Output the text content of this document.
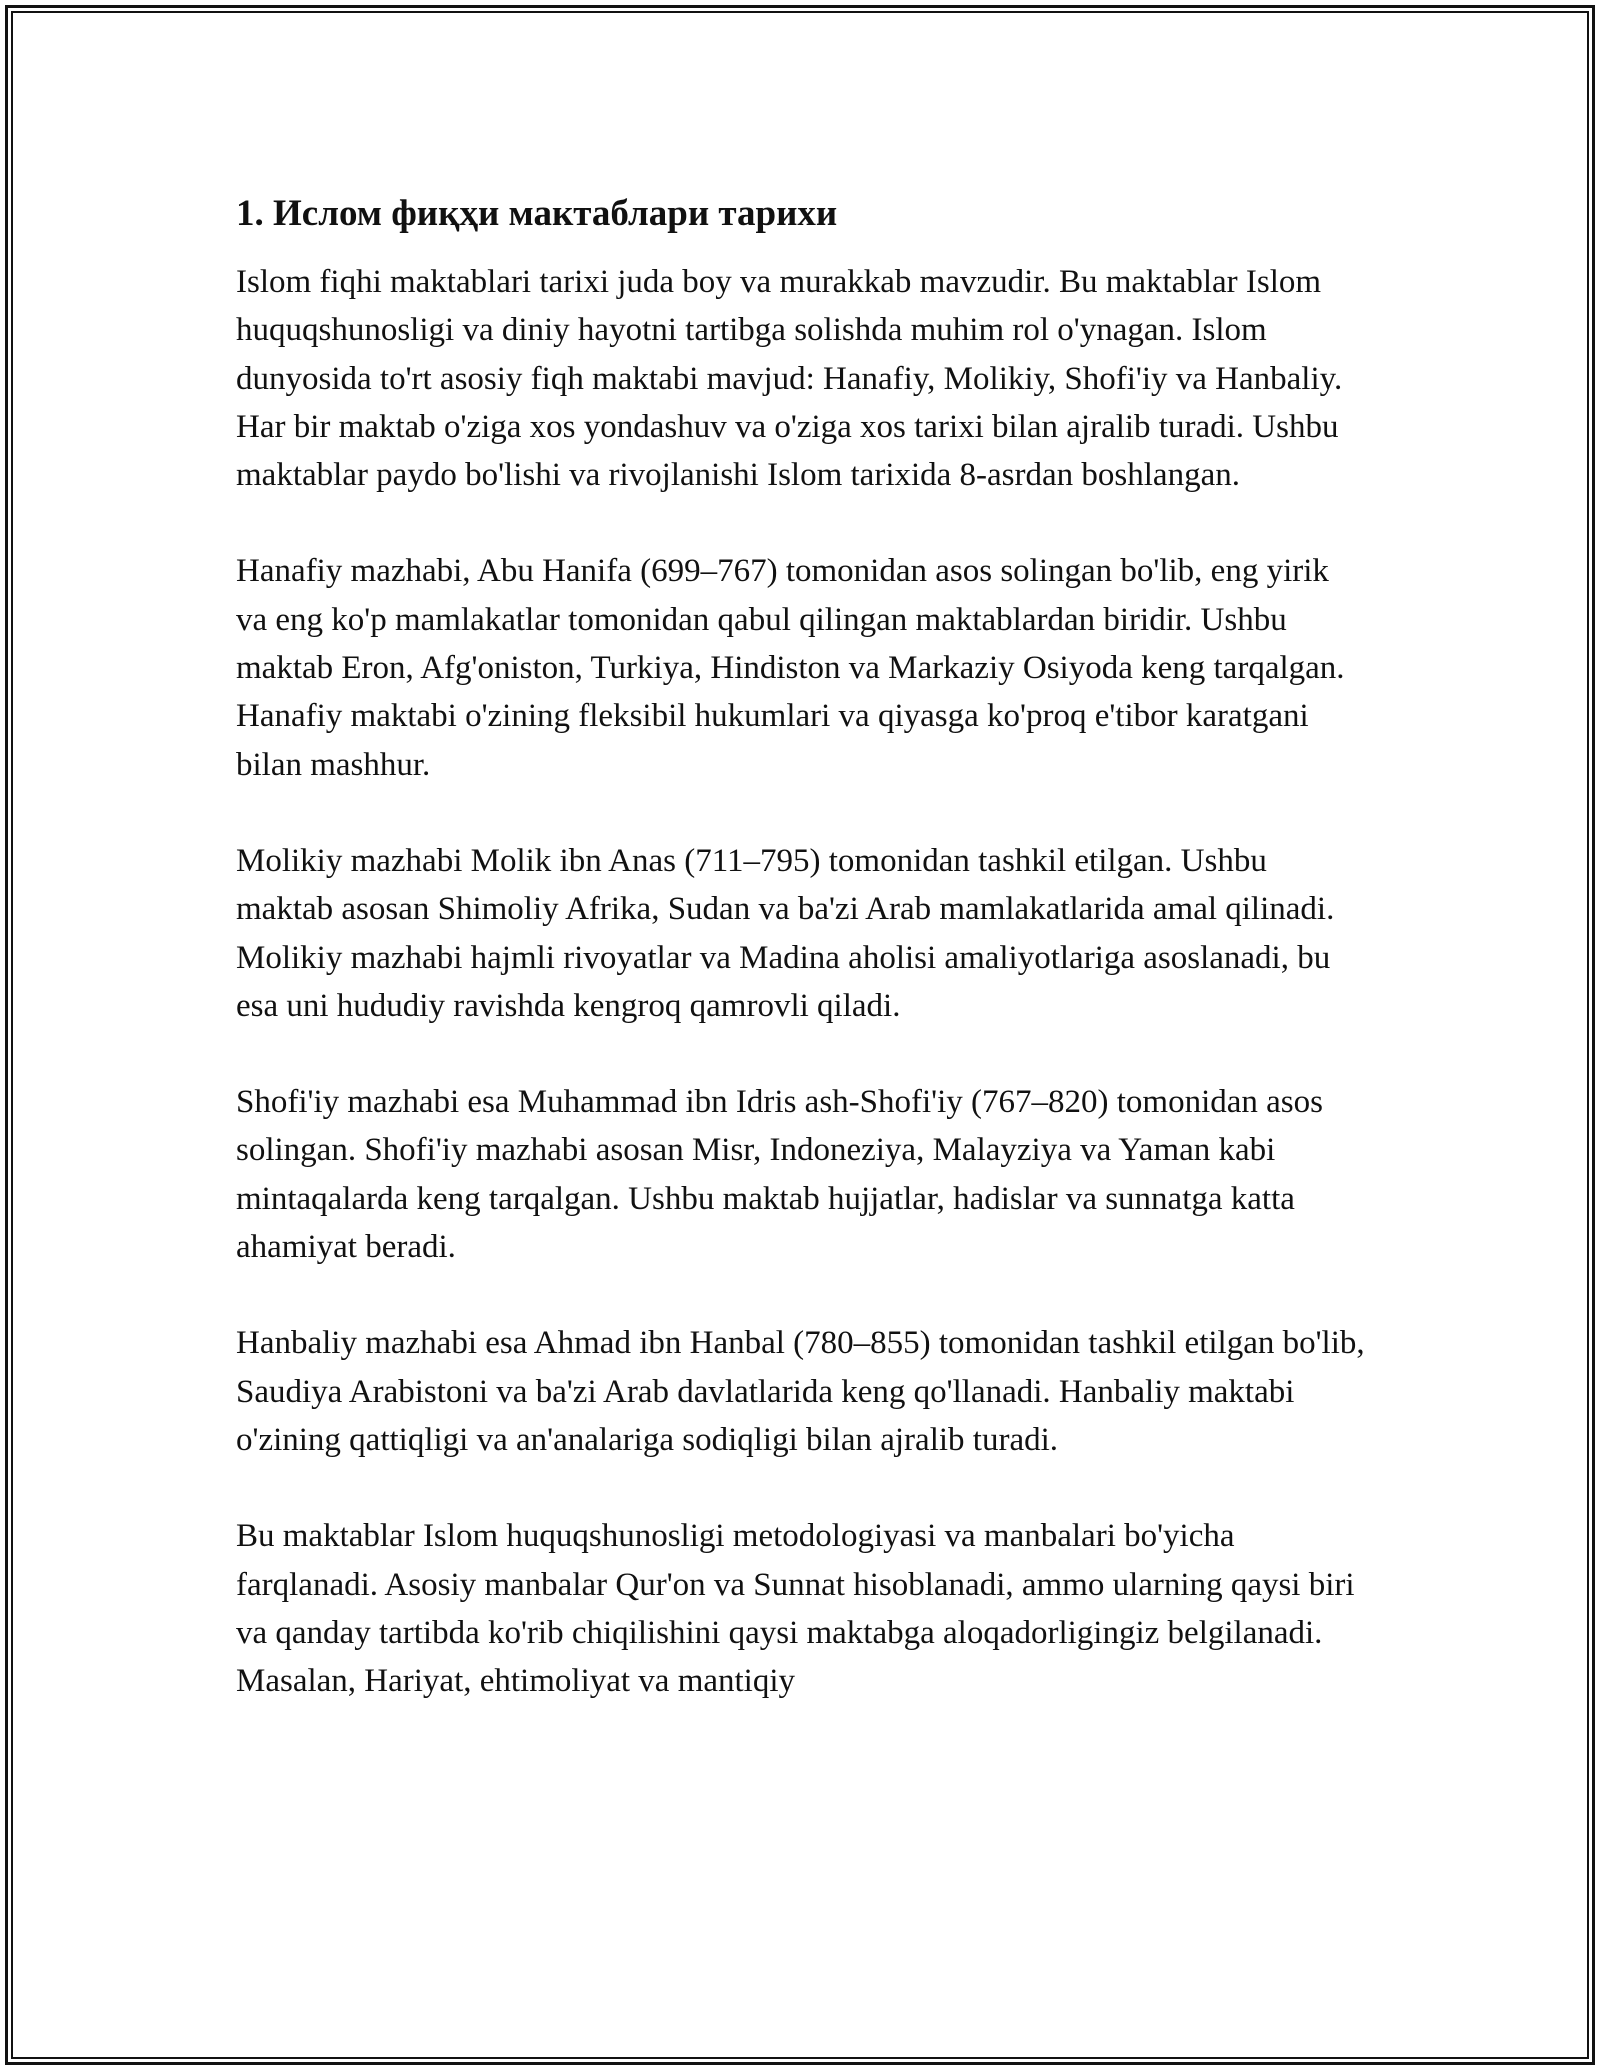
1. Ислом фиқҳи мактаблари тарихи

Islom fiqhi maktablari tarixi juda boy va murakkab mavzudir. Bu maktablar Islom huquqshunosligi va diniy hayotni tartibga solishda muhim rol o'ynagan. Islom dunyosida to'rt asosiy fiqh maktabi mavjud: Hanafiy, Molikiy, Shofi'iy va Hanbaliy. Har bir maktab o'ziga xos yondashuv va o'ziga xos tarixi bilan ajralib turadi. Ushbu maktablar paydo bo'lishi va rivojlanishi Islom tarixida 8-asrdan boshlangan.

Hanafiy mazhabi, Abu Hanifa (699–767) tomonidan asos solingan bo'lib, eng yirik va eng ko'p mamlakatlar tomonidan qabul qilingan maktablardan biridir. Ushbu maktab Eron, Afg'oniston, Turkiya, Hindiston va Markaziy Osiyoda keng tarqalgan. Hanafiy maktabi o'zining fleksibil hukumlari va qiyasga ko'proq e'tibor karatgani bilan mashhur.

Molikiy mazhabi Molik ibn Anas (711–795) tomonidan tashkil etilgan. Ushbu maktab asosan Shimoliy Afrika, Sudan va ba'zi Arab mamlakatlarida amal qilinadi. Molikiy mazhabi hajmli rivoyatlar va Madina aholisi amaliyotlariga asoslanadi, bu esa uni hududiy ravishda kengroq qamrovli qiladi.

Shofi'iy mazhabi esa Muhammad ibn Idris ash-Shofi'iy (767–820) tomonidan asos solingan. Shofi'iy mazhabi asosan Misr, Indoneziya, Malayziya va Yaman kabi mintaqalarda keng tarqalgan. Ushbu maktab hujjatlar, hadislar va sunnatga katta ahamiyat beradi.

Hanbaliy mazhabi esa Ahmad ibn Hanbal (780–855) tomonidan tashkil etilgan bo'lib, Saudiya Arabistoni va ba'zi Arab davlatlarida keng qo'llanadi. Hanbaliy maktabi o'zining qattiqligi va an'analariga sodiqligi bilan ajralib turadi.

Bu maktablar Islom huquqshunosligi metodologiyasi va manbalari bo'yicha farqlanadi. Asosiy manbalar Qur'on va Sunnat hisoblanadi, ammo ularning qaysi biri va qanday tartibda ko'rib chiqilishini qaysi maktabga aloqadorligingiz belgilanadi. Masalan, Hariyat, ehtimoliyat va mantiqiy
